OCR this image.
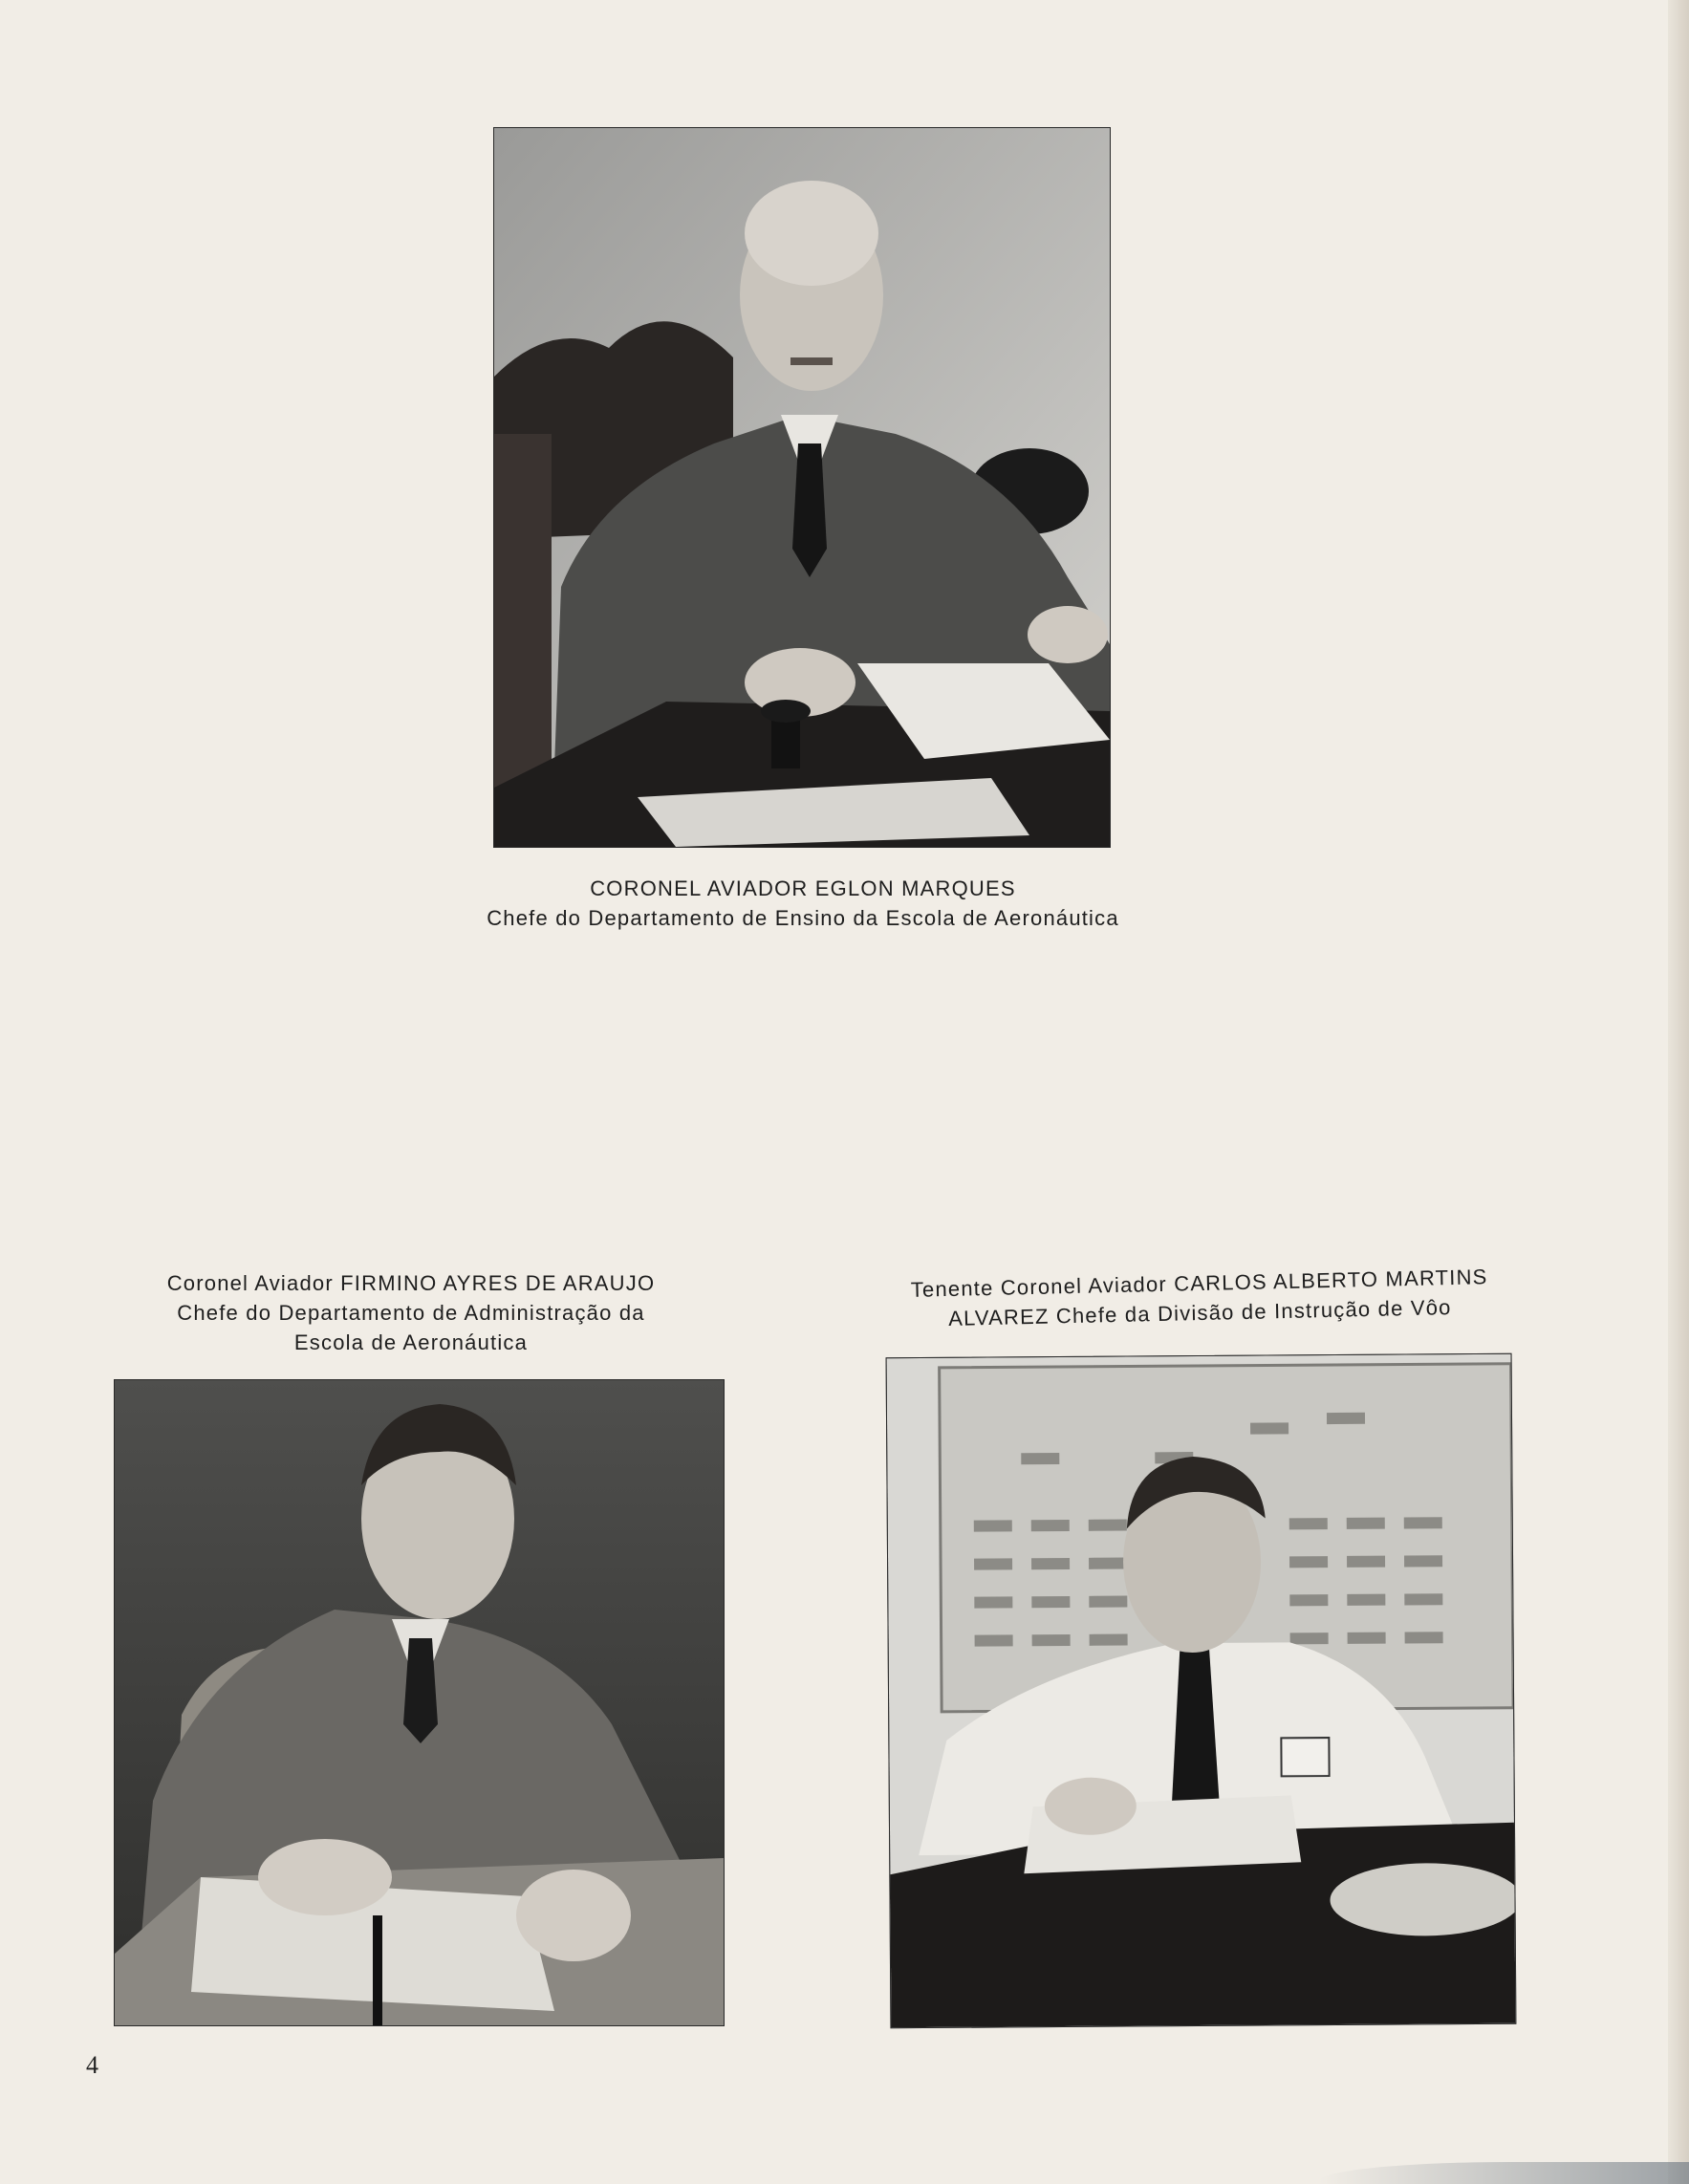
CORONEL AVIADOR EGLON MARQUES
Chefe do Departamento de Ensino da Escola de Aeronáutica
Coronel Aviador FIRMINO AYRES DE ARAUJO
Chefe do Departamento de Administração da
Escola de Aeronáutica
Tenente Coronel Aviador CARLOS ALBERTO MARTINS
ALVAREZ Chefe da Divisão de Instrução de Vôo
4
